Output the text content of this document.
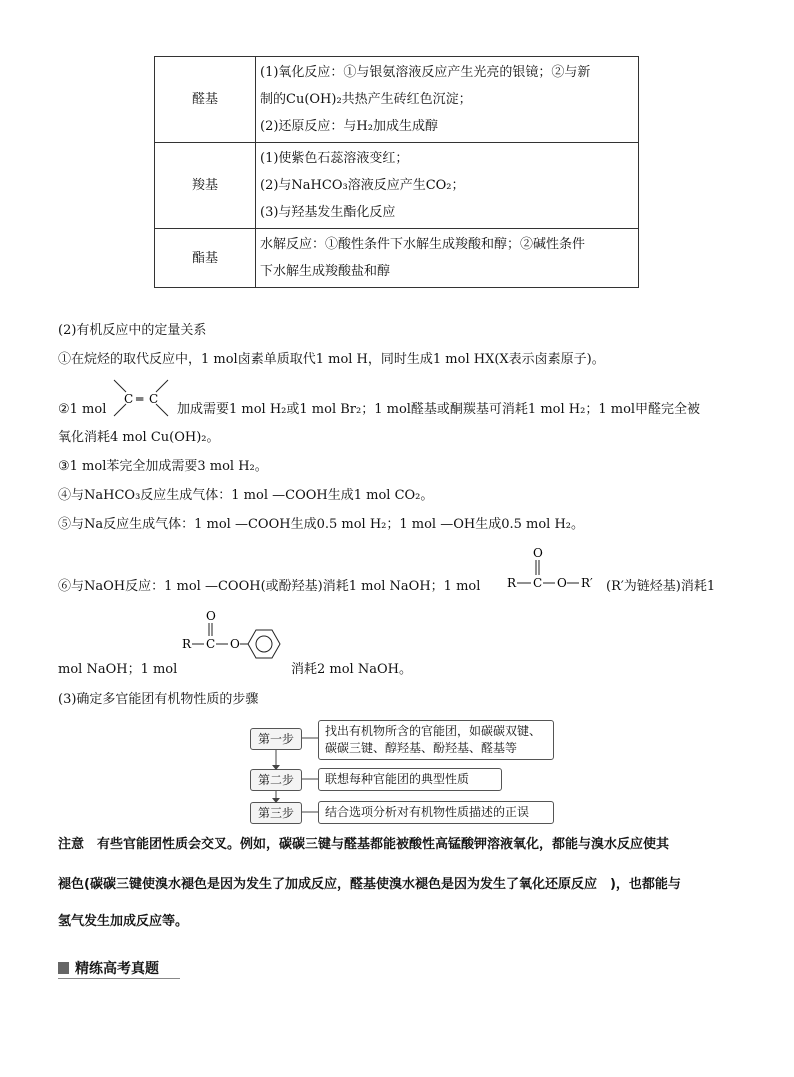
醛基	(1)氧化反应：①与银氨溶液反应产生光亮的银镜；②与新
制的Cu(OH)₂共热产生砖红色沉淀；
(2)还原反应：与H₂加成生成醇

羧基	(1)使紫色石蕊溶液变红；
(2)与NaHCO₃溶液反应产生CO₂；
(3)与羟基发生酯化反应

酯基	水解反应：①酸性条件下水解生成羧酸和醇；②碱性条件
下水解生成羧酸盐和醇
(2)有机反应中的定量关系
①在烷烃的取代反应中，1 mol卤素单质取代1 mol H，同时生成1 mol HX(X表示卤素原子)。
②1 mol
C ═ C
加成需要1 mol H₂或1 mol Br₂；1 mol醛基或酮羰基可消耗1 mol H₂；1 mol甲醛完全被
氧化消耗4 mol Cu(OH)₂。
③1 mol苯完全加成需要3 mol H₂。
④与NaHCO₃反应生成气体：1 mol —COOH生成1 mol CO₂。
⑤与Na反应生成气体：1 mol —COOH生成0.5 mol H₂；1 mol —OH生成0.5 mol H₂。
⑥与NaOH反应：1 mol —COOH(或酚羟基)消耗1 mol NaOH；1 mol
O
R C O R′ (R′为链烃基)消耗1
mol NaOH；1 mol
O
R C O
消耗2 mol NaOH。
(3)确定多官能团有机物性质的步骤
第一步
第二步
第三步
找出有机物所含的官能团，如碳碳双键、
碳碳三键、醇羟基、酚羟基、醛基等
联想每种官能团的典型性质
结合选项分析对有机物性质描述的正误
注意　有些官能团性质会交叉。例如，碳碳三键与醛基都能被酸性高锰酸钾溶液氧化，都能与溴水反应使其
褪色(碳碳三键使溴水褪色是因为发生了加成反应，醛基使溴水褪色是因为发生了氧化还原反应　)，也都能与
氢气发生加成反应等。
精练高考真题
